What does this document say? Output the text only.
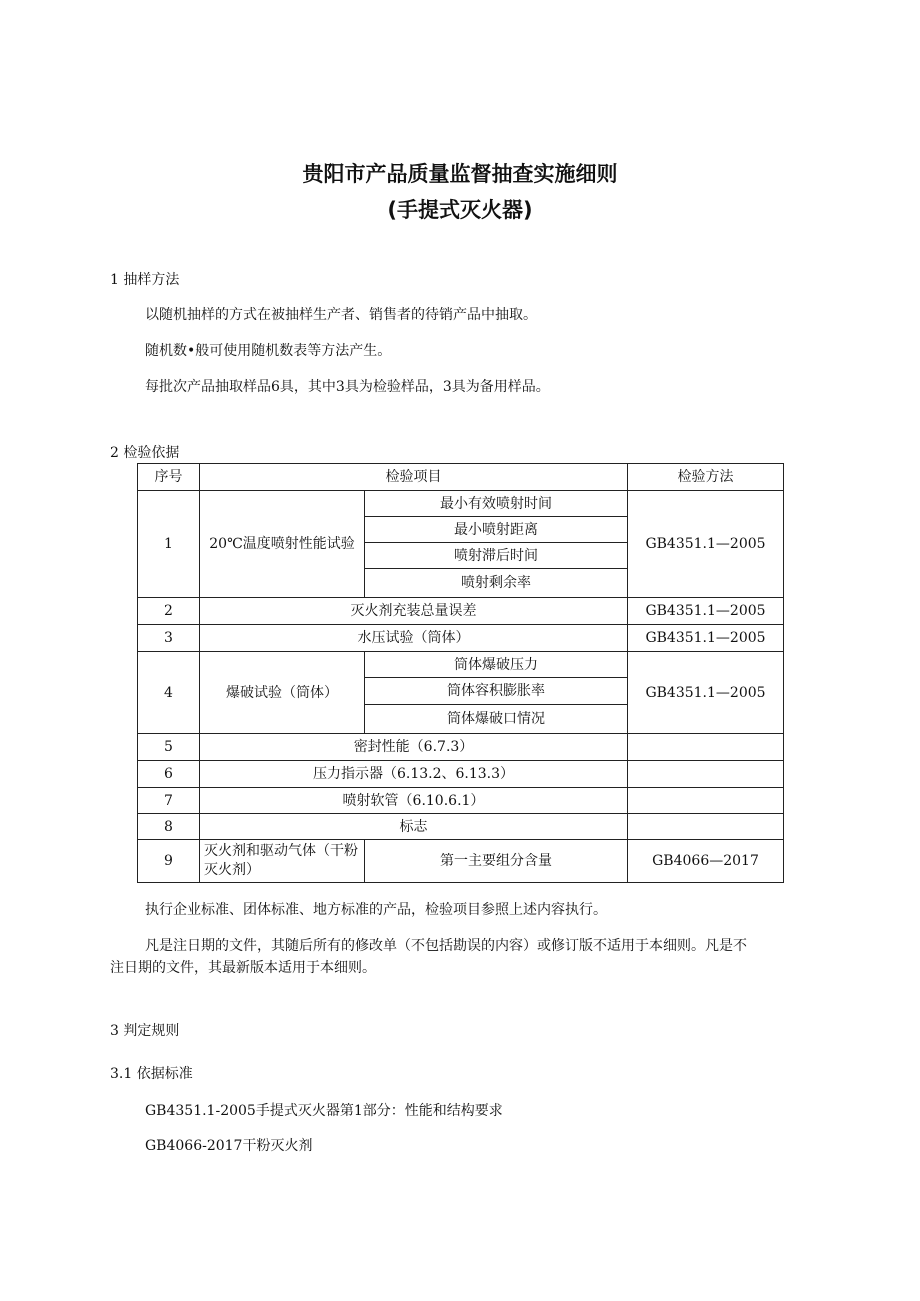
贵阳市产品质量监督抽查实施细则
(手提式灭火器)
1 抽样方法
以随机抽样的方式在被抽样生产者、销售者的待销产品中抽取。
随机数•般可使用随机数表等方法产生。
每批次产品抽取样品6具，其中3具为检验样品，3具为备用样品。
2 检验依据
序号	检验项目		检验方法
1	20℃温度喷射性能试验	最小有效喷射时间	GB4351.1—2005
		最小喷射距离	
		喷射滞后时间	
		喷射剩余率	
2	灭火剂充装总量误差		GB4351.1—2005
3	水压试验（筒体）		GB4351.1—2005
4	爆破试验（筒体）	筒体爆破压力	GB4351.1—2005
		筒体容积膨胀率	
		筒体爆破口情况	
5	密封性能（6.7.3）		
6	压力指示器（6.13.2、6.13.3）		
7	喷射软管（6.10.6.1）		
8	标志		
9	灭火剂和驱动气体（干粉灭火剂）	第一主要组分含量	GB4066—2017
执行企业标准、团体标准、地方标准的产品，检验项目参照上述内容执行。
凡是注日期的文件，其随后所有的修改单（不包括勘误的内容）或修订版不适用于本细则。凡是不注日期的文件，其最新版本适用于本细则。
3 判定规则
3.1 依据标准
GB4351.1-2005手提式灭火器第1部分：性能和结构要求
GB4066-2017干粉灭火剂
